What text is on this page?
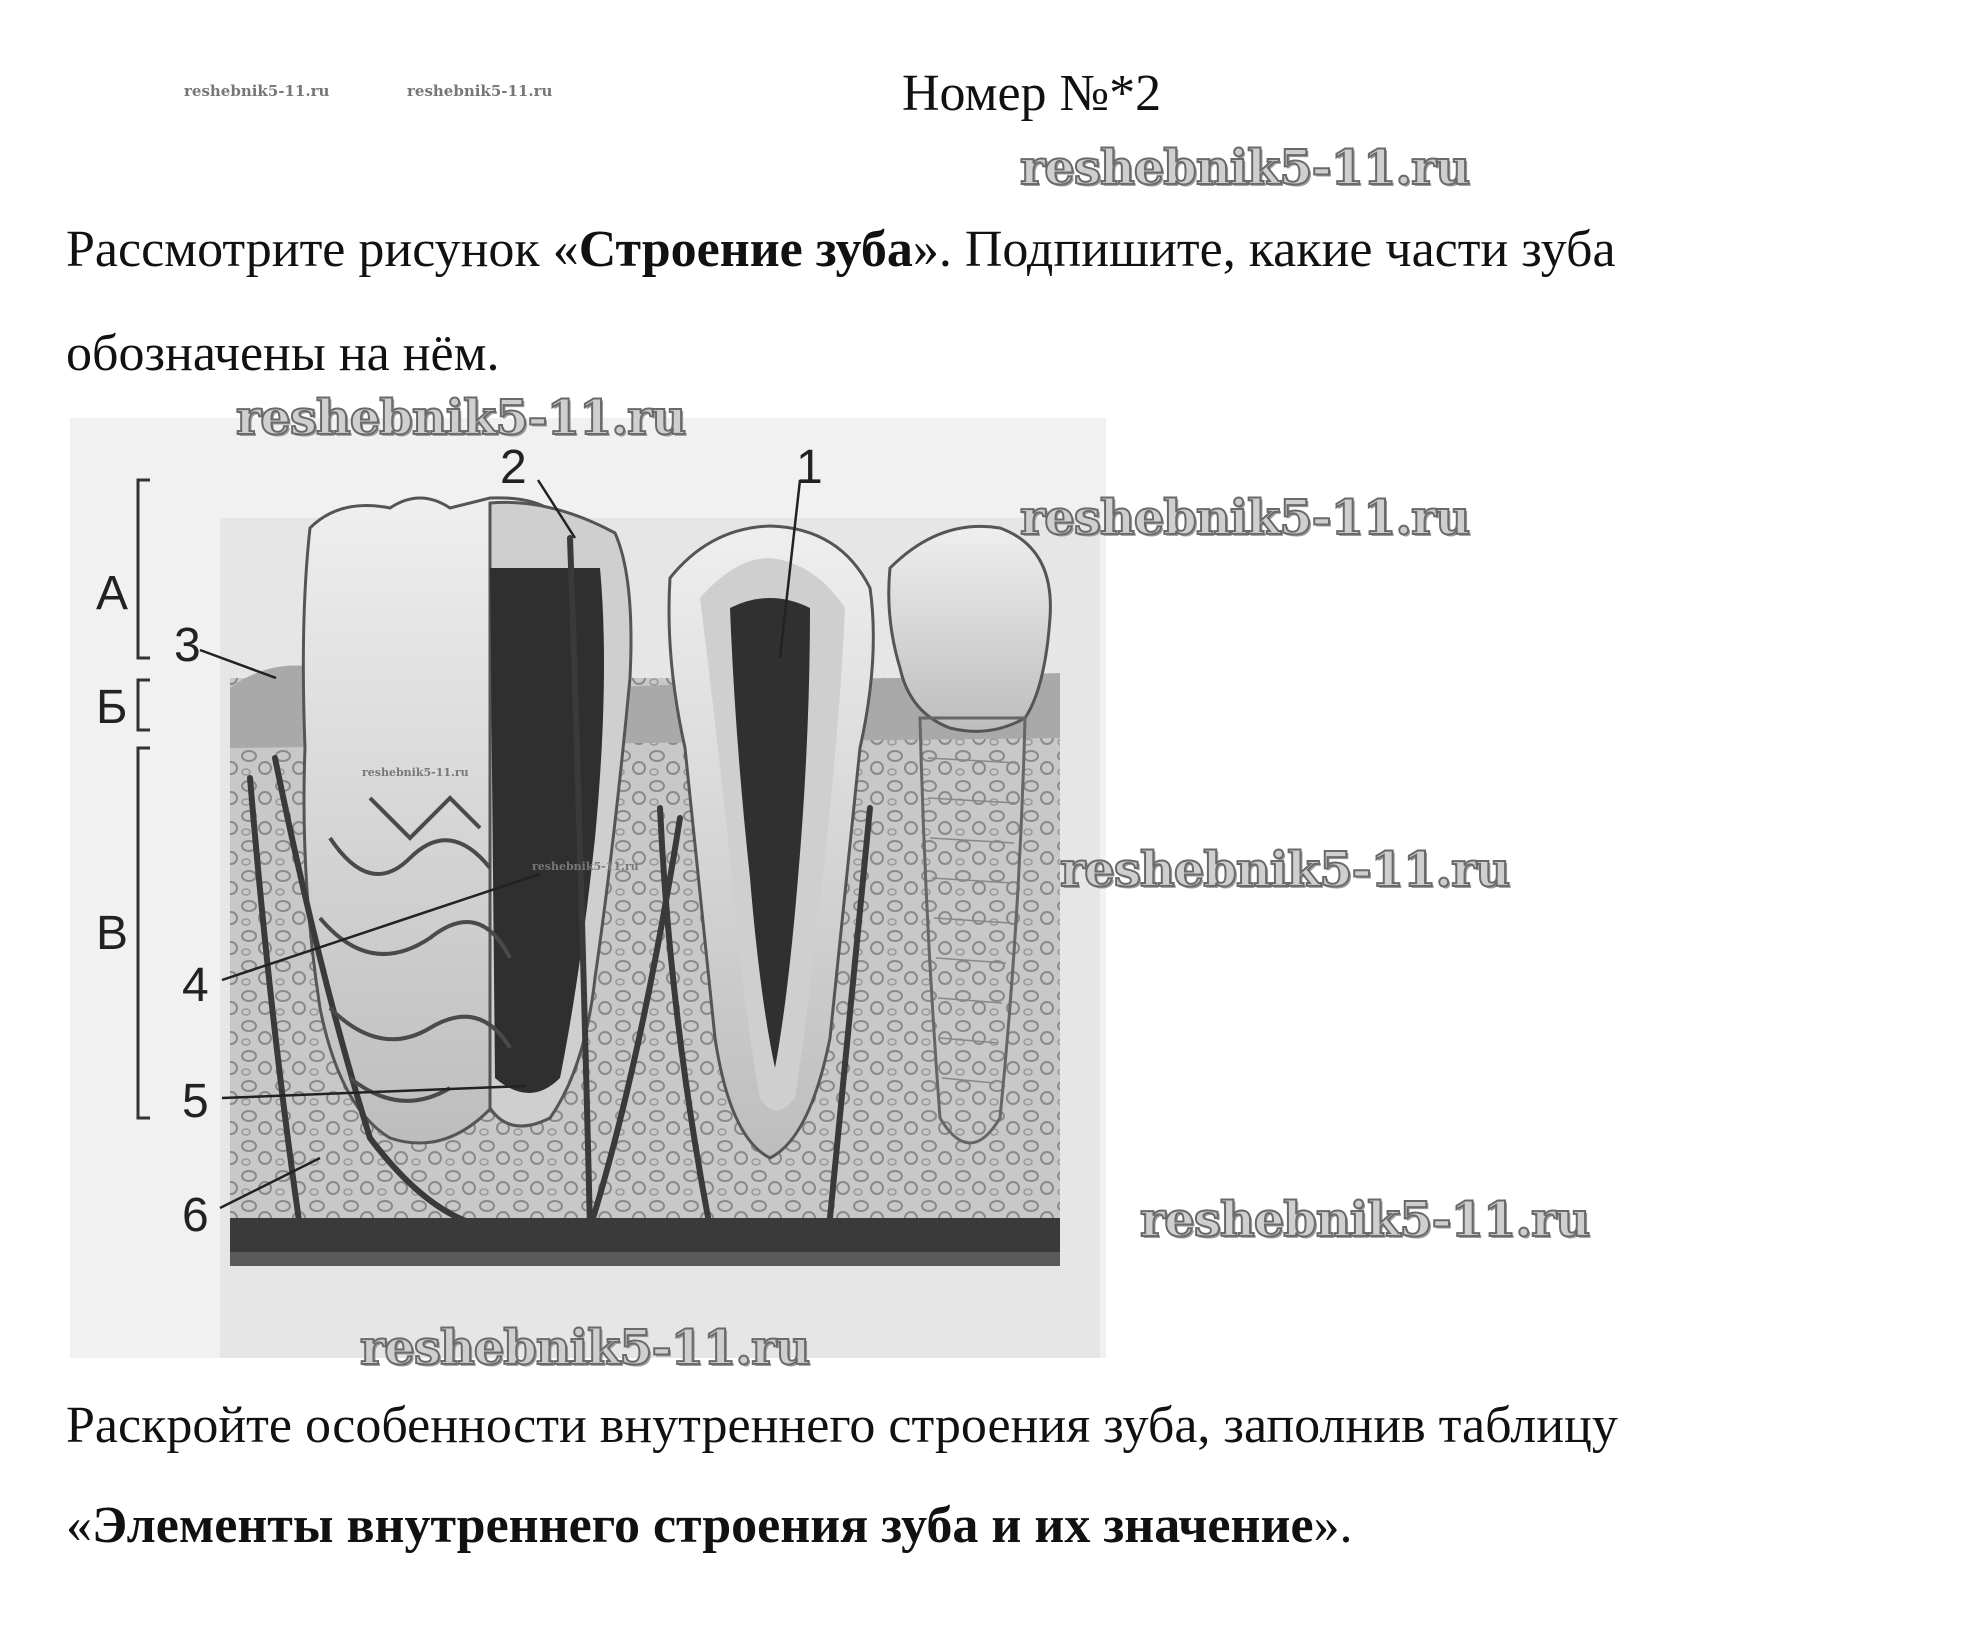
reshebnik5-11.ru	reshebnik5-11.ru	Номер №*2
reshebnik5-11.ru
Рассмотрите рисунок «Строение зуба». Подпишите, какие части зуба
обозначены на нём.
А
Б
В
1
2
3
4
5
6
reshebnik5-11.ru
reshebnik5-11.ru
reshebnik5-11.ru
reshebnik5-11.ru
reshebnik5-11.ru
reshebnik5-11.ru
reshebnik5-11.ru
Раскройте особенности внутреннего строения зуба, заполнив таблицу
«Элементы внутреннего строения зуба и их значение».
